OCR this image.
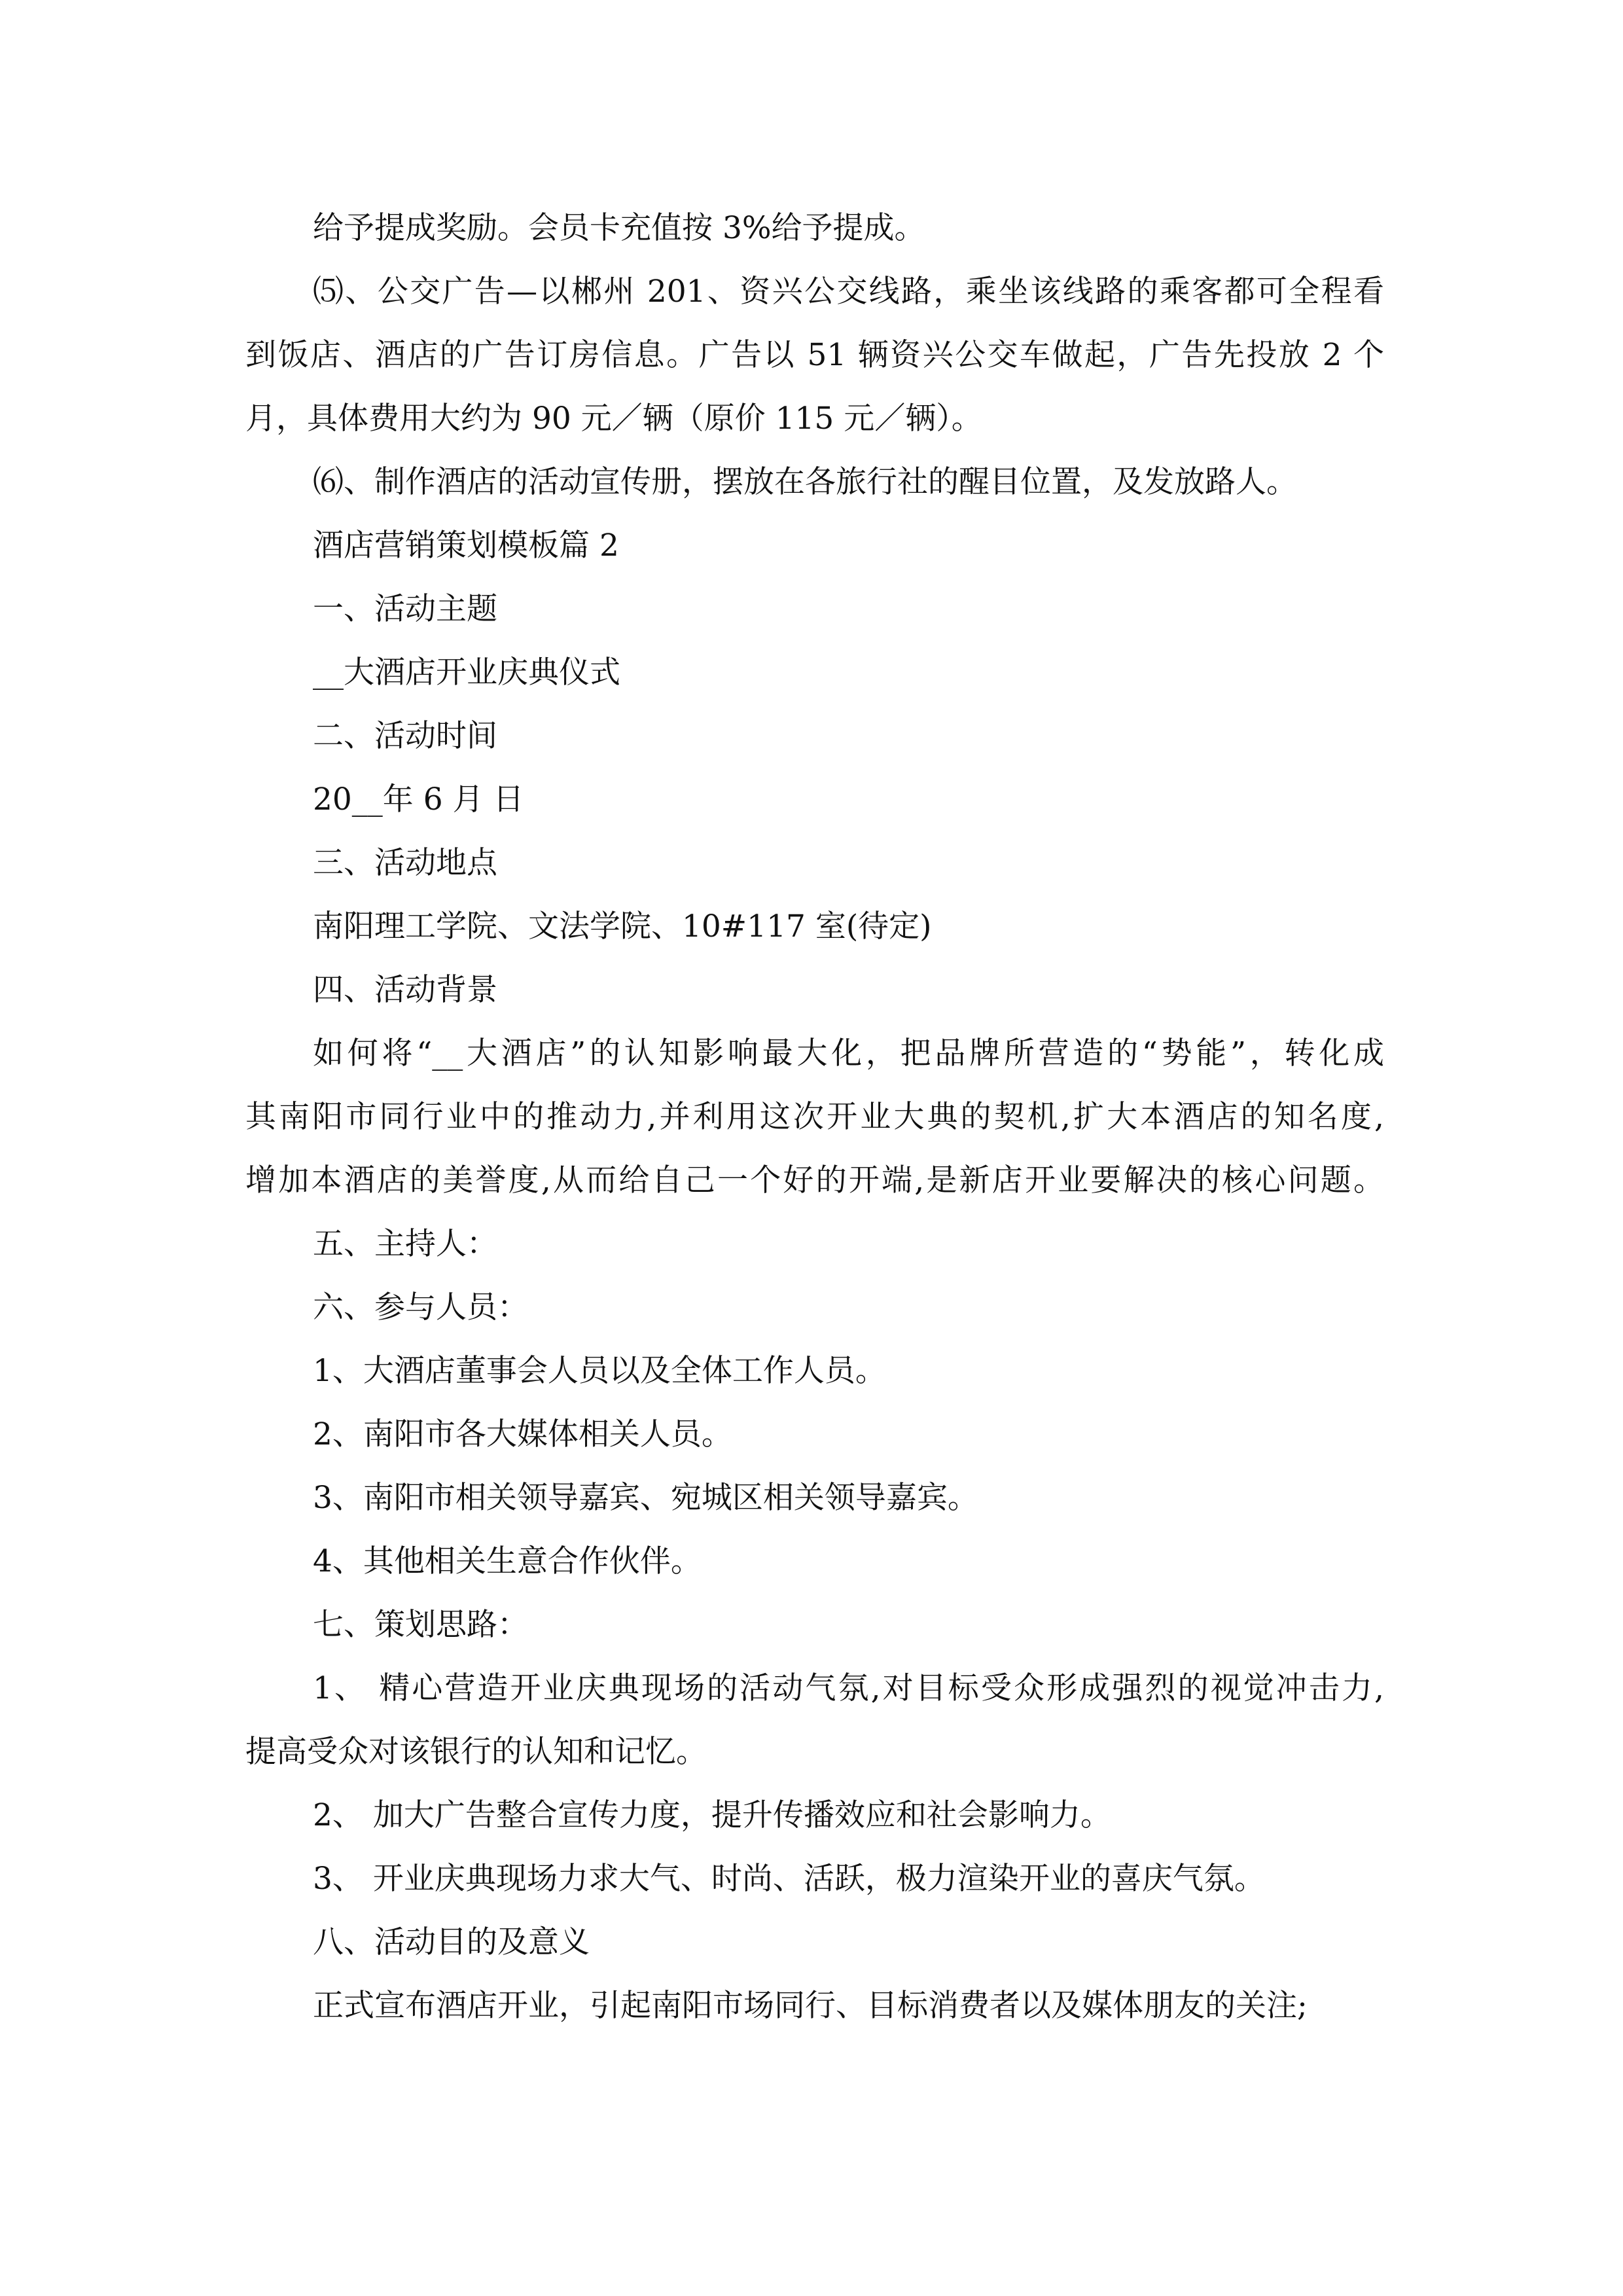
给予提成奖励。会员卡充值按 3%给予提成。

⑸、公交广告—以郴州 201、资兴公交线路，乘坐该线路的乘客都可全程看

到饭店、酒店的广告订房信息。广告以 51 辆资兴公交车做起，广告先投放 2 个

月，具体费用大约为 90 元／辆（原价 115 元／辆）。

⑹、制作酒店的活动宣传册，摆放在各旅行社的醒目位置，及发放路人。

酒店营销策划模板篇 2

一、活动主题

__大酒店开业庆典仪式

二、活动时间

20__年 6 月 日

三、活动地点

南阳理工学院、文法学院、10#117 室(待定)

四、活动背景

如何将“__大酒店”的认知影响最大化，把品牌所营造的“势能”，转化成

其南阳市同行业中的推动力,并利用这次开业大典的契机,扩大本酒店的知名度,

增加本酒店的美誉度,从而给自己一个好的开端,是新店开业要解决的核心问题。

五、主持人：

六、参与人员：

1、大酒店董事会人员以及全体工作人员。

2、南阳市各大媒体相关人员。

3、南阳市相关领导嘉宾、宛城区相关领导嘉宾。

4、其他相关生意合作伙伴。

七、策划思路：

1、 精心营造开业庆典现场的活动气氛,对目标受众形成强烈的视觉冲击力,

提高受众对该银行的认知和记忆。

2、 加大广告整合宣传力度，提升传播效应和社会影响力。

3、 开业庆典现场力求大气、时尚、活跃，极力渲染开业的喜庆气氛。

八、活动目的及意义

正式宣布酒店开业，引起南阳市场同行、目标消费者以及媒体朋友的关注;
